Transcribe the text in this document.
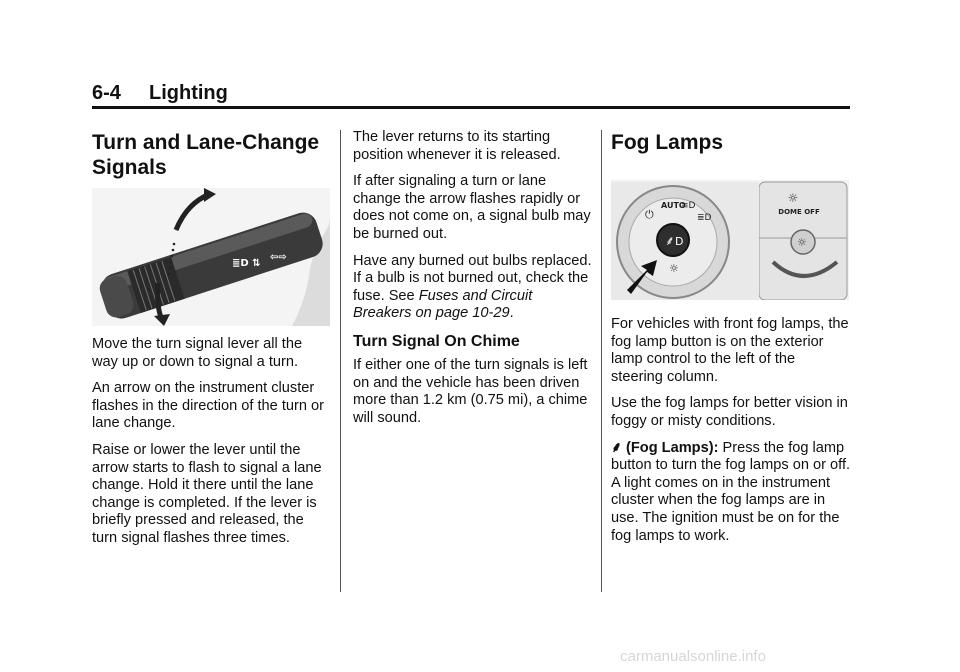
6-4 Lighting
Turn and Lane-Change
Signals
≣D ⇅
⇦⇨

Move the turn signal lever all the way up or down to signal a turn.

An arrow on the instrument cluster flashes in the direction of the turn or lane change.

Raise or lower the lever until the arrow starts to flash to signal a lane change. Hold it there until the lane change is completed. If the lever is briefly pressed and released, the turn signal flashes three times.

The lever returns to its starting position whenever it is released.

If after signaling a turn or lane change the arrow flashes rapidly or does not come on, a signal bulb may be burned out.

Have any burned out bulbs replaced. If a bulb is not burned out, check the fuse. See Fuses and Circuit Breakers on page 10-29.

Turn Signal On Chime

If either one of the turn signals is left on and the vehicle has been driven more than 1.2 km (0.75 mi), a chime will sound.

Fog Lamps
⸙ D
AUTO
≡D
≣D
⏻
☼
☼
DOME OFF
☼

For vehicles with front fog lamps, the fog lamp button is on the exterior lamp control to the left of the steering column.

Use the fog lamps for better vision in foggy or misty conditions.

⸙ (Fog Lamps): Press the fog lamp button to turn the fog lamps on or off. A light comes on in the instrument cluster when the fog lamps are in use. The ignition must be on for the fog lamps to work.

carmanualsonline.info
